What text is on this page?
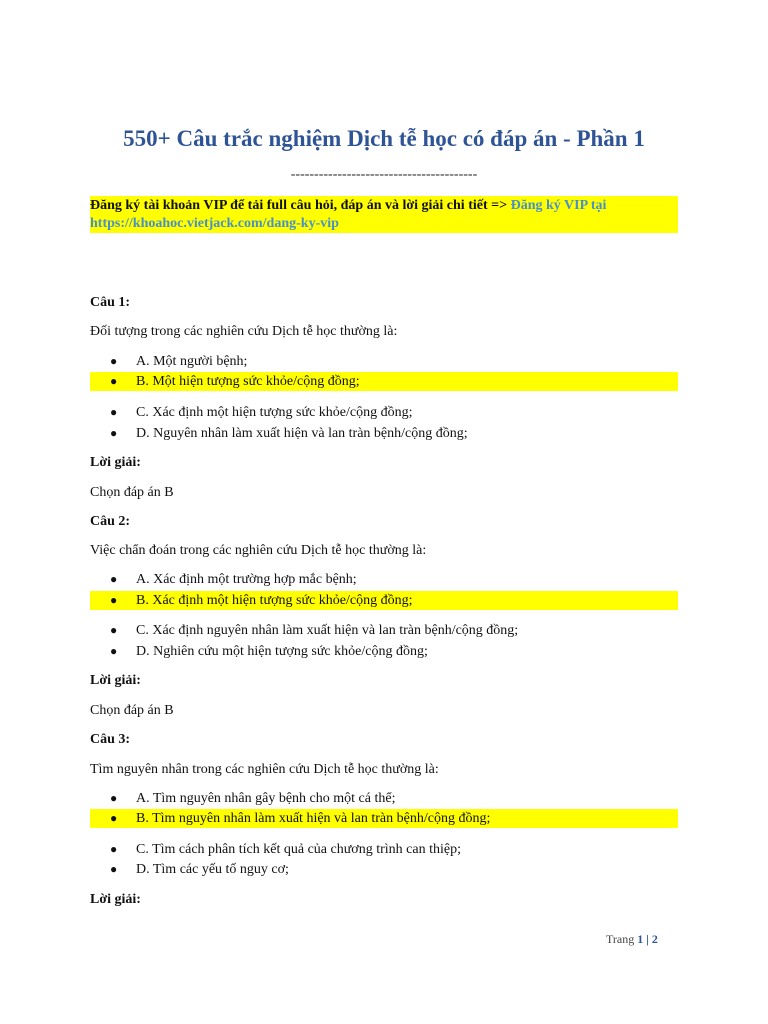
550+ Câu trắc nghiệm Dịch tễ học có đáp án - Phần 1
----------------------------------------
Đăng ký tài khoản VIP để tải full câu hỏi, đáp án và lời giải chi tiết => Đăng ký VIP tại
https://khoahoc.vietjack.com/dang-ky-vip
Câu 1:
Đối tượng trong các nghiên cứu Dịch tễ học thường là:
● A. Một người bệnh;
● B. Một hiện tượng sức khỏe/cộng đồng;
● C. Xác định một hiện tượng sức khỏe/cộng đồng;
● D. Nguyên nhân làm xuất hiện và lan tràn bệnh/cộng đồng;
Lời giải:
Chọn đáp án B
Câu 2:
Việc chẩn đoán trong các nghiên cứu Dịch tễ học thường là:
● A. Xác định một trường hợp mắc bệnh;
● B. Xác định một hiện tượng sức khỏe/cộng đồng;
● C. Xác định nguyên nhân làm xuất hiện và lan tràn bệnh/cộng đồng;
● D. Nghiên cứu một hiện tượng sức khỏe/cộng đồng;
Lời giải:
Chọn đáp án B
Câu 3:
Tìm nguyên nhân trong các nghiên cứu Dịch tễ học thường là:
● A. Tìm nguyên nhân gây bệnh cho một cá thể;
● B. Tìm nguyên nhân làm xuất hiện và lan tràn bệnh/cộng đồng;
● C. Tìm cách phân tích kết quả của chương trình can thiệp;
● D. Tìm các yếu tố nguy cơ;
Lời giải:
Trang 1 | 2
